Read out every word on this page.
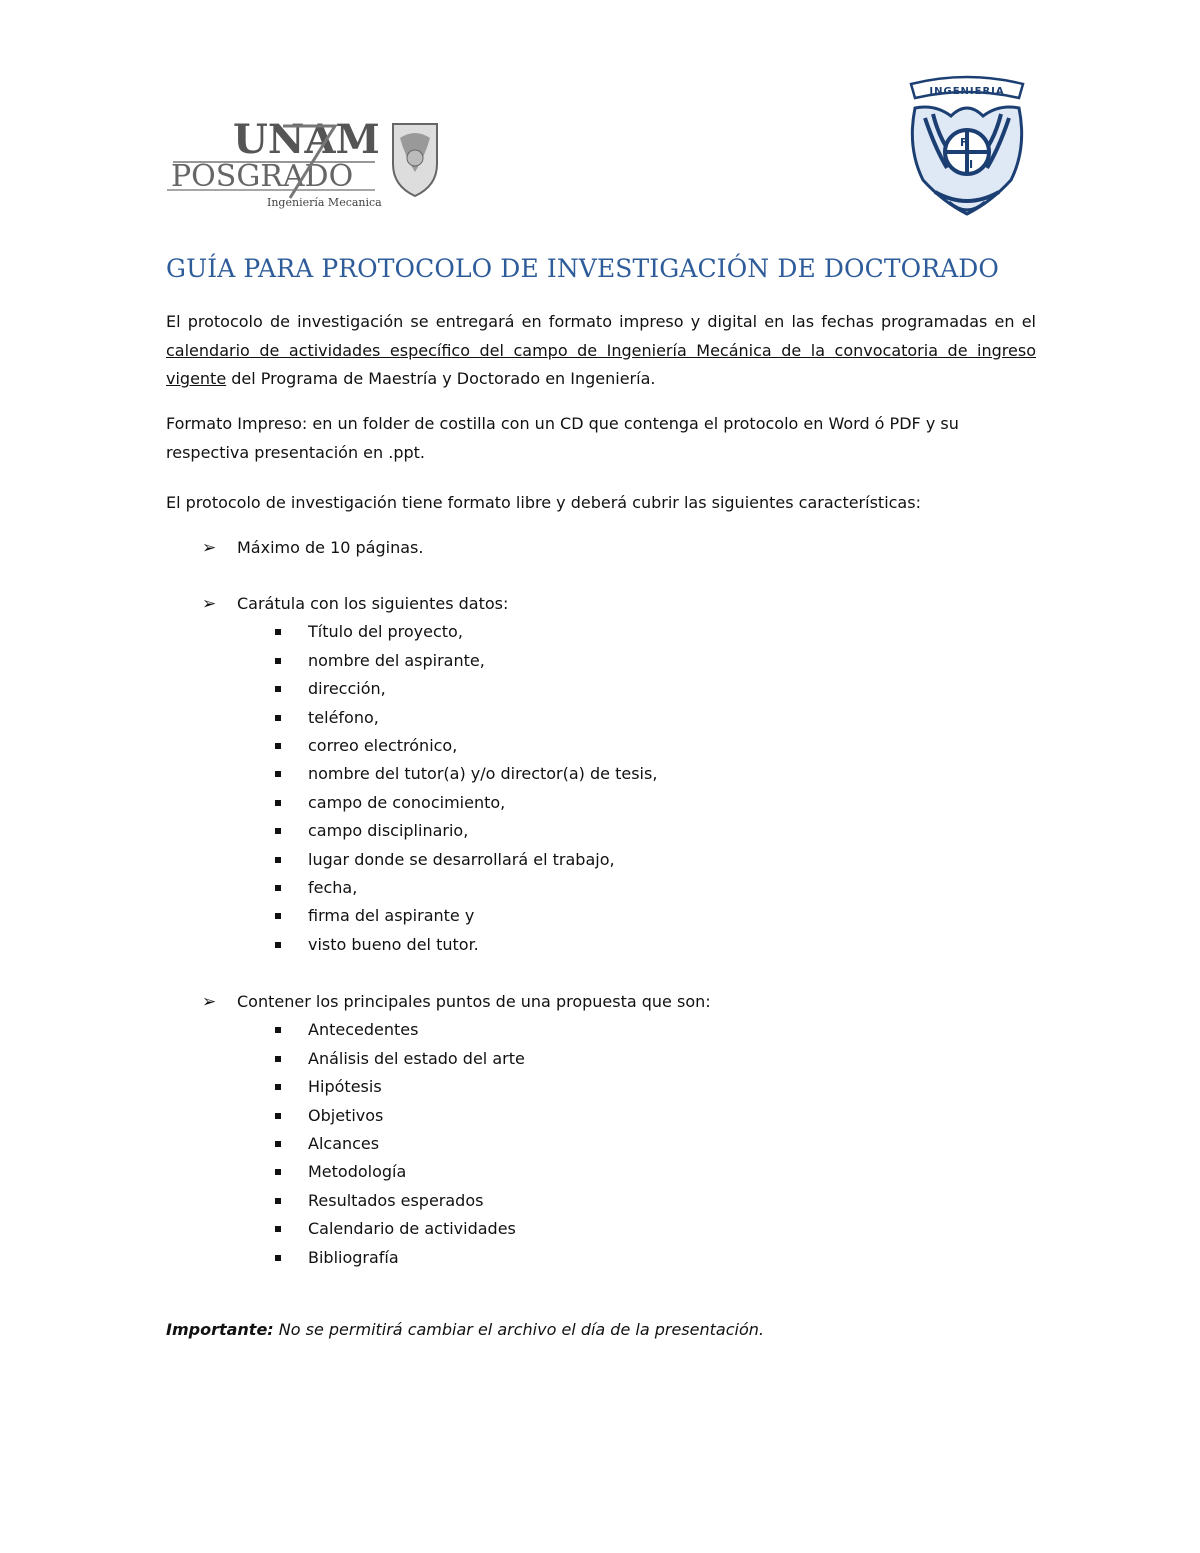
UNAM
POSGRADO
Ingeniería Mecanica
INGENIERIA
F
I
GUÍA PARA PROTOCOLO DE INVESTIGACIÓN DE DOCTORADO

El protocolo de investigación se entregará en formato impreso y digital en las fechas programadas en el calendario de actividades específico del campo de Ingeniería Mecánica de la convocatoria de ingreso vigente del Programa de Maestría y Doctorado en Ingeniería.

Formato Impreso: en un folder de costilla con un CD que contenga el protocolo en Word ó PDF y su respectiva presentación en .ppt.

El protocolo de investigación tiene formato libre y deberá cubrir las siguientes características:

➢ Máximo de 10 páginas.
➢ Carátula con los siguientes datos:
Título del proyecto,
nombre del aspirante,
dirección,
teléfono,
correo electrónico,
nombre del tutor(a) y/o director(a) de tesis,
campo de conocimiento,
campo disciplinario,
lugar donde se desarrollará el trabajo,
fecha,
firma del aspirante y
visto bueno del tutor.
➢ Contener los principales puntos de una propuesta que son:
Antecedentes
Análisis del estado del arte
Hipótesis
Objetivos
Alcances
Metodología
Resultados esperados
Calendario de actividades
Bibliografía

Importante: No se permitirá cambiar el archivo el día de la presentación.
